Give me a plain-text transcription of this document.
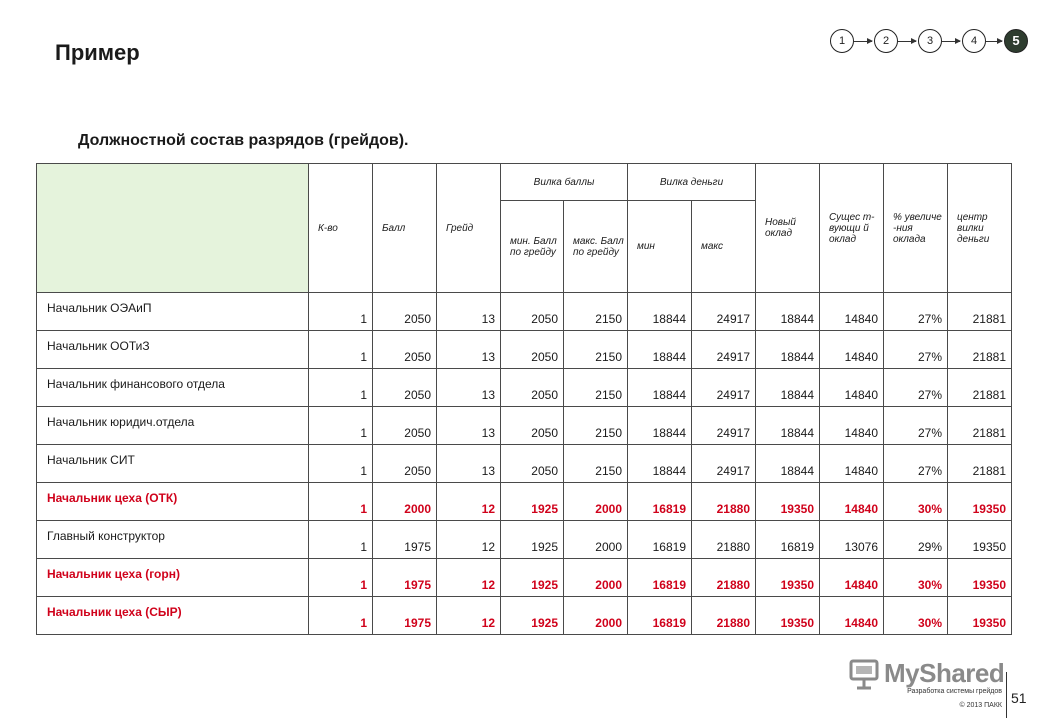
Пример	1	2	3	4	5
Должностной состав разрядов (грейдов).
	К-во	Балл	Грейд	Вилка баллы		Вилка деньги		Новый оклад	Сущес т- вующи й оклад	% увеличе -ния оклада	центр вилки деньги
				мин. Балл по грейду	макс. Балл по грейду	мин	макс				
Начальник ОЭАиП	1	2050	13	2050	2150	18844	24917	18844	14840	27%	21881
Начальник ООТиЗ	1	2050	13	2050	2150	18844	24917	18844	14840	27%	21881
Начальник финансового отдела	1	2050	13	2050	2150	18844	24917	18844	14840	27%	21881
Начальник юридич.отдела	1	2050	13	2050	2150	18844	24917	18844	14840	27%	21881
Начальник СИТ	1	2050	13	2050	2150	18844	24917	18844	14840	27%	21881
Начальник цеха (ОТК)	1	2000	12	1925	2000	16819	21880	19350	14840	30%	19350
Главный конструктор	1	1975	12	1925	2000	16819	21880	16819	13076	29%	19350
Начальник цеха (горн)	1	1975	12	1925	2000	16819	21880	19350	14840	30%	19350
Начальник цеха (СЫР)	1	1975	12	1925	2000	16819	21880	19350	14840	30%	19350
MyShared
Разработка системы грейдов
© 2013 ПАКК 51
